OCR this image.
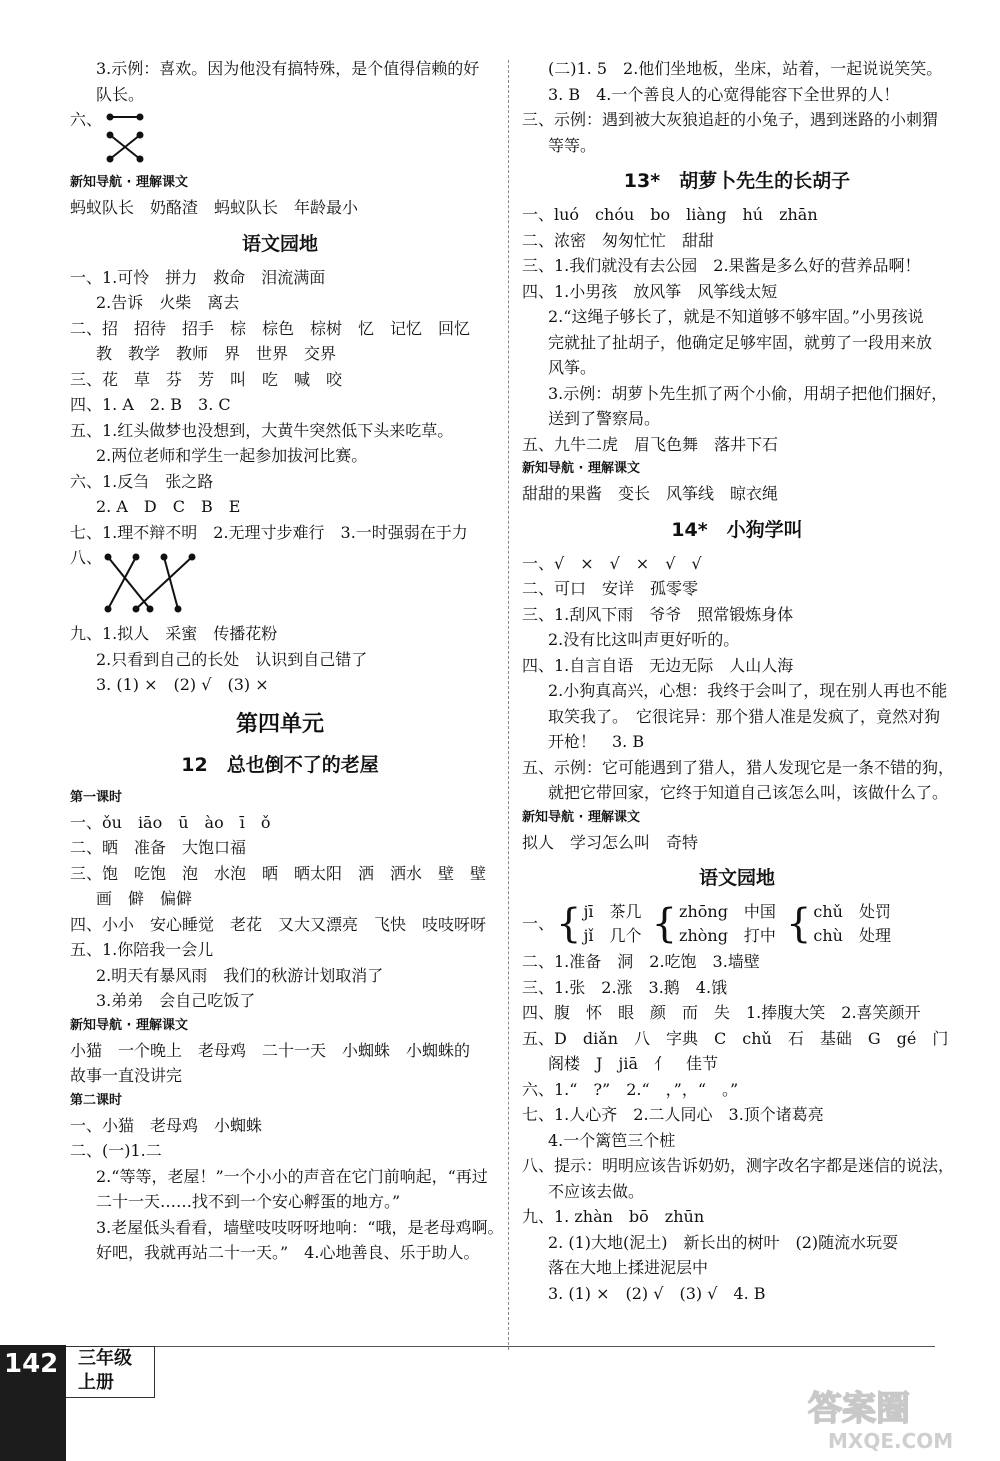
3.示例：喜欢。因为他没有搞特殊，是个值得信赖的好
队长。
六、
新知导航 · 理解课文
蚂蚁队长　奶酪渣　蚂蚁队长　年龄最小
语文园地
一、1.可怜　拼力　救命　泪流满面
2.告诉　火柴　离去
二、招　招待　招手　棕　棕色　棕树　忆　记忆　回忆
教　教学　教师　界　世界　交界
三、花　草　芬　芳　叫　吃　喊　咬
四、1. A　2. B　3. C
五、1.红头做梦也没想到，大黄牛突然低下头来吃草。
2.两位老师和学生一起参加拔河比赛。
六、1.反刍　张之路
2. A　D　C　B　E
七、1.理不辩不明　2.无理寸步难行　3.一时强弱在于力
八、
九、1.拟人　采蜜　传播花粉
2.只看到自己的长处　认识到自己错了
3. (1) ×　(2) √　(3) ×
第四单元
12　总也倒不了的老屋
第一课时
一、ǒu　iāo　ū　ào　ī　ǒ
二、晒　准备　大饱口福
三、饱　吃饱　泡　水泡　晒　晒太阳　洒　洒水　壁　壁
画　僻　偏僻
四、小小　安心睡觉　老花　又大又漂亮　飞快　吱吱呀呀
五、1.你陪我一会儿
2.明天有暴风雨　我们的秋游计划取消了
3.弟弟　会自己吃饭了
新知导航 · 理解课文
小猫　一个晚上　老母鸡　二十一天　小蜘蛛　小蜘蛛的
故事一直没讲完
第二课时
一、小猫　老母鸡　小蜘蛛
二、(一)1.二
2.“等等，老屋！”一个小小的声音在它门前响起，“再过
二十一天……找不到一个安心孵蛋的地方。”
3.老屋低头看看，墙壁吱吱呀呀地响：“哦，是老母鸡啊。
好吧，我就再站二十一天。”　4.心地善良、乐于助人。
(二)1. 5　2.他们坐地板，坐床，站着，一起说说笑笑。
3. B　4.一个善良人的心宽得能容下全世界的人！
三、示例：遇到被大灰狼追赶的小兔子，遇到迷路的小刺猬
等等。
13*　胡萝卜先生的长胡子
一、luó　chóu　bo　liàng　hú　zhān
二、浓密　匆匆忙忙　甜甜
三、1.我们就没有去公园　2.果酱是多么好的营养品啊！
四、1.小男孩　放风筝　风筝线太短
2.“这绳子够长了，就是不知道够不够牢固。”小男孩说
完就扯了扯胡子，他确定足够牢固，就剪了一段用来放
风筝。
3.示例：胡萝卜先生抓了两个小偷，用胡子把他们捆好，
送到了警察局。
五、九牛二虎　眉飞色舞　落井下石
新知导航 · 理解课文
甜甜的果酱　变长　风筝线　晾衣绳
14*　小狗学叫
一、√　×　√　×　√　√
二、可口　安详　孤零零
三、1.刮风下雨　爷爷　照常锻炼身体
2.没有比这叫声更好听的。
四、1.自言自语　无边无际　人山人海
2.小狗真高兴，心想：我终于会叫了，现在别人再也不能
取笑我了。　它很诧异：那个猎人准是发疯了，竟然对狗
开枪！　3. B
五、示例：它可能遇到了猎人，猎人发现它是一条不错的狗，
就把它带回家，它终于知道自己该怎么叫，该做什么了。
新知导航 · 理解课文
拟人　学习怎么叫　奇特
语文园地
一、 { jī　茶几
jǐ　几个 { zhōng　中国
zhòng　打中 { chǔ　处罚
chù　处理
二、1.准备　洞　2.吃饱　3.墙壁
三、1.张　2.涨　3.鹅　4.饿
四、腹　怀　眼　颜　而　失　1.捧腹大笑　2.喜笑颜开
五、D　diǎn　八　字典　C　chǔ　石　基础　G　gé　门
阁楼　J　jiā　亻　佳节
六、1.“　?”　2.“　，”，“　。”
七、1.人心齐　2.二人同心　3.顶个诸葛亮
4.一个篱笆三个桩
八、提示：明明应该告诉奶奶，测字改名字都是迷信的说法，
不应该去做。
九、1. zhàn　bō　zhūn
2. (1)大地(泥土)　新长出的树叶　(2)随流水玩耍
落在大地上揉进泥层中
3. (1) ×　(2) √　(3) √　4. B
142 三年级
上册
答案圈
MXQE.COM
